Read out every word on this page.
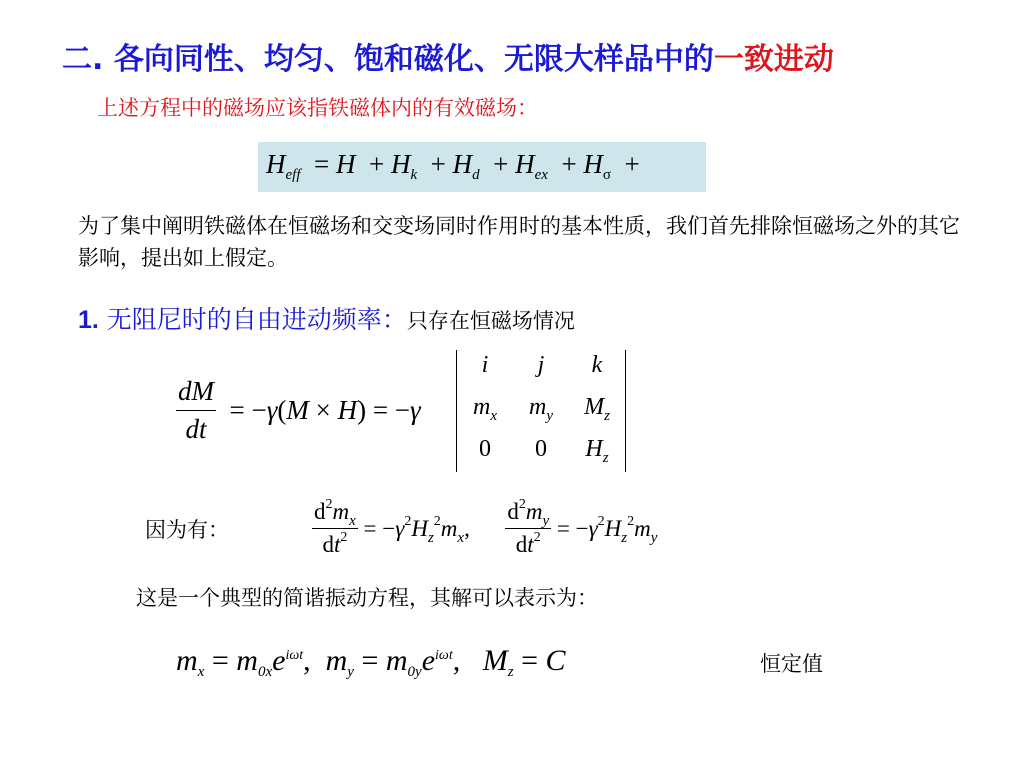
二. 各向同性、均匀、饱和磁化、无限大样品中的一致进动
上述方程中的磁场应该指铁磁体内的有效磁场：
$H_{eff} = H + H_k + H_d + H_{ex} + H_\sigma$ +
为了集中阐明铁磁体在恒磁场和交变场同时作用时的基本性质，我们首先排除恒磁场之外的其它影响，提出如上假定。
1. 无阻尼时的自由进动频率：只存在恒磁场情况
$\frac{dM}{dt} = -\gamma(M \times H) = -\gamma$
i	j	k
$m_x$	$m_y$	$M_z$
0	0	$H_z$
因为有：	$\frac{d^2m_x}{dt^2} = -\gamma^2H_z^2m_x$, $\frac{d^2m_y}{dt^2} = -\gamma^2H_z^2m_y$
这是一个典型的简谐振动方程，其解可以表示为：
$m_x = m_{0x}e^{i\omega t}$,  $m_y = m_{0y}e^{i\omega t}$,   $M_z = C$	恒定值
